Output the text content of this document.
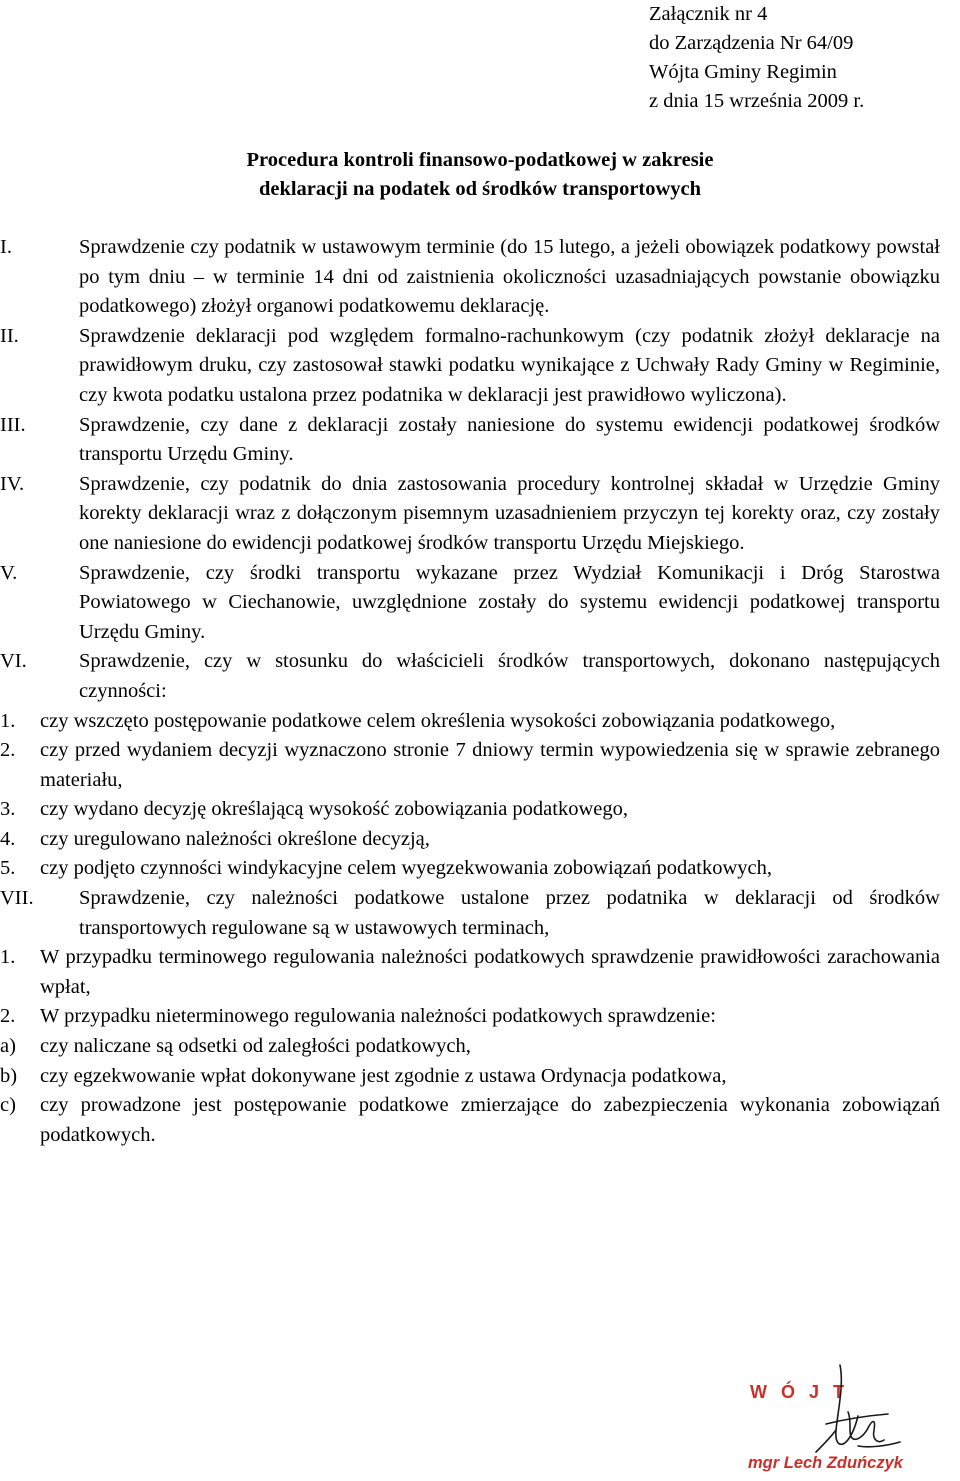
Załącznik nr 4
do Zarządzenia Nr 64/09
Wójta Gminy Regimin
z dnia 15 września 2009 r.
Procedura kontroli finansowo-podatkowej w zakresie
deklaracji na podatek od środków transportowych
I.	Sprawdzenie czy podatnik w ustawowym terminie (do 15 lutego, a jeżeli obowiązek podatkowy powstał po tym dniu – w terminie 14 dni od zaistnienia okoliczności uzasadniających powstanie obowiązku podatkowego) złożył organowi podatkowemu deklarację.
II.	Sprawdzenie deklaracji pod względem formalno-rachunkowym (czy podatnik złożył deklaracje na prawidłowym druku, czy zastosował stawki podatku wynikające z Uchwały Rady Gminy w Regiminie, czy kwota podatku ustalona przez podatnika w deklaracji jest prawidłowo wyliczona).
III.	Sprawdzenie, czy dane z deklaracji zostały naniesione do systemu ewidencji podatkowej środków transportu Urzędu Gminy.
IV.	Sprawdzenie, czy podatnik do dnia zastosowania procedury kontrolnej składał w Urzędzie Gminy korekty deklaracji wraz z dołączonym pisemnym uzasadnieniem przyczyn tej korekty oraz, czy zostały one naniesione do ewidencji podatkowej środków transportu Urzędu Miejskiego.
V.	Sprawdzenie, czy środki transportu wykazane przez Wydział Komunikacji i Dróg Starostwa Powiatowego w Ciechanowie, uwzględnione zostały do systemu ewidencji podatkowej transportu Urzędu Gminy.
VI.	Sprawdzenie, czy w stosunku do właścicieli środków transportowych, dokonano następujących czynności:
1.	czy wszczęto postępowanie podatkowe celem określenia wysokości zobowiązania podatkowego,
2.	czy przed wydaniem decyzji wyznaczono stronie 7 dniowy termin wypowiedzenia się w sprawie zebranego materiału,
3.	czy wydano decyzję określającą wysokość zobowiązania podatkowego,
4.	czy uregulowano należności określone decyzją,
5.	czy podjęto czynności windykacyjne celem wyegzekwowania zobowiązań podatkowych,
VII.	Sprawdzenie, czy należności podatkowe ustalone przez podatnika w deklaracji od środków transportowych regulowane są w ustawowych terminach,
1.	W przypadku terminowego regulowania należności podatkowych sprawdzenie prawidłowości zarachowania wpłat,
2.	W przypadku nieterminowego regulowania należności podatkowych sprawdzenie:
a)	czy naliczane są odsetki od zaległości podatkowych,
b)	czy egzekwowanie wpłat dokonywane jest zgodnie z ustawa Ordynacja podatkowa,
c)	czy prowadzone jest postępowanie podatkowe zmierzające do zabezpieczenia wykonania zobowiązań podatkowych.
WÓJT
mgr Lech Zduńczyk
